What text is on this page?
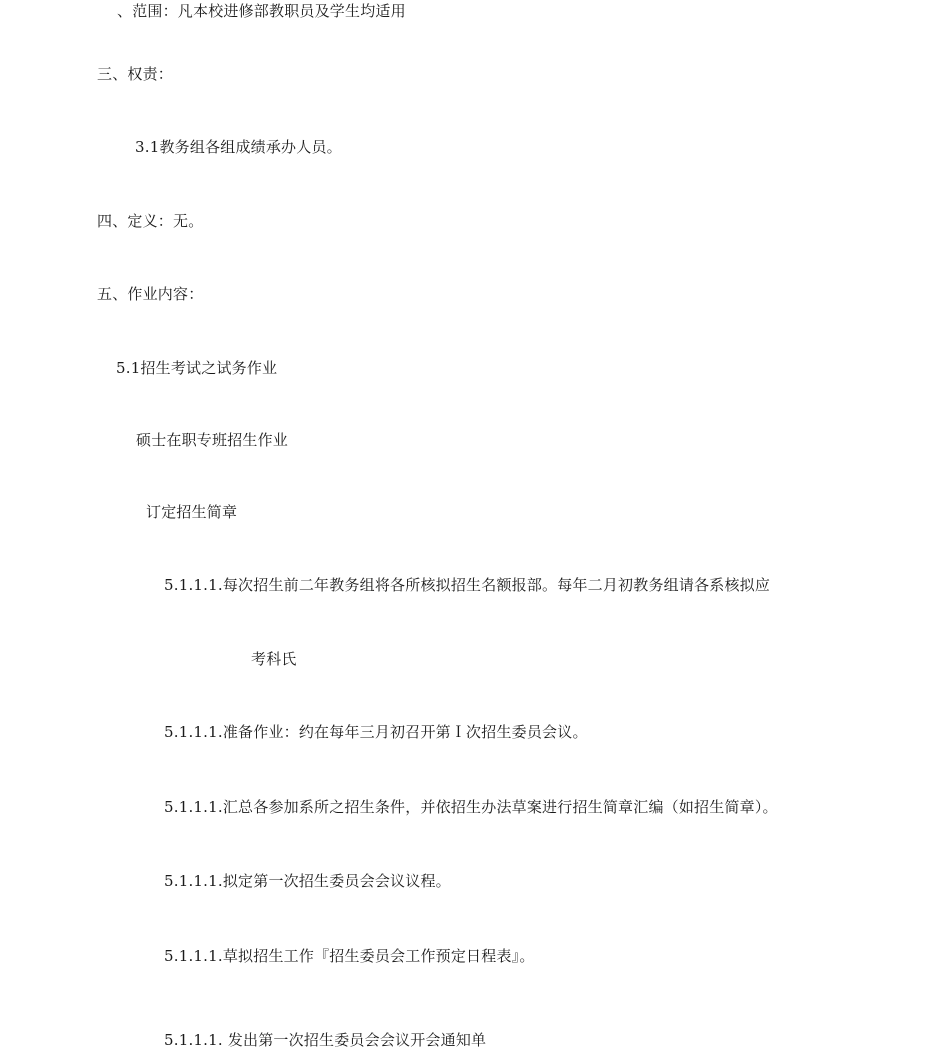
、范围：凡本校进修部教职员及学生均适用
三、权责：
3.1教务组各组成绩承办人员。
四、定义：无。
五、作业内容：
5.1招生考试之试务作业
硕士在职专班招生作业
订定招生简章
5.1.1.1.每次招生前二年教务组将各所核拟招生名额报部。每年二月初教务组请各系核拟应
考科氏
5.1.1.1.准备作业：约在每年三月初召开第Ｉ次招生委员会议。
5.1.1.1.汇总各参加系所之招生条件，并依招生办法草案进行招生简章汇编（如招生简章）。
5.1.1.1.拟定第一次招生委员会会议议程。
5.1.1.1.草拟招生工作『招生委员会工作预定日程表』。
5.1.1.1. 发出第一次招生委员会会议开会通知单
